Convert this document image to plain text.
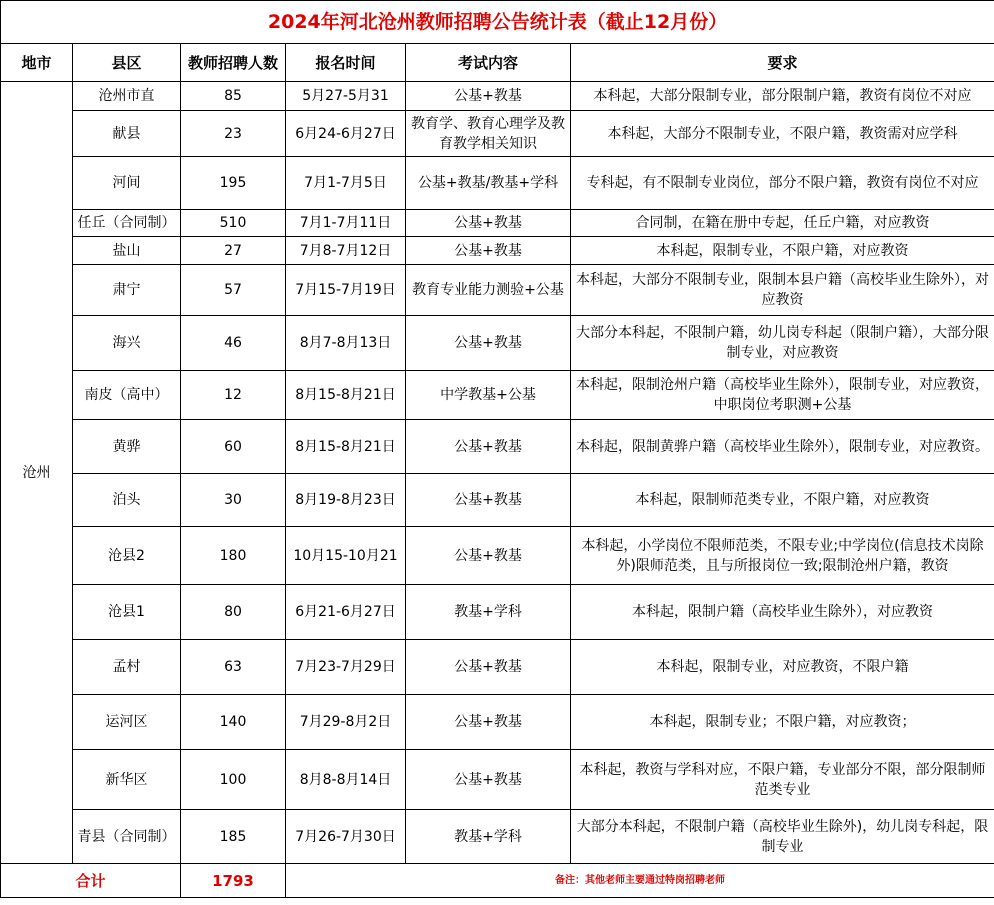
2024年河北沧州教师招聘公告统计表（截止12月份）					
地市	县区	教师招聘人数	报名时间	考试内容	要求
沧州	沧州市直	85	5月27-5月31	公基+教基	本科起，大部分限制专业，部分限制户籍，教资有岗位不对应
	献县	23	6月24-6月27日	教育学、教育心理学及教育教学相关知识	本科起，大部分不限制专业，不限户籍，教资需对应学科
	河间	195	7月1-7月5日	公基+教基/教基+学科	专科起，有不限制专业岗位，部分不限户籍，教资有岗位不对应
	任丘（合同制）	510	7月1-7月11日	公基+教基	合同制，在籍在册中专起，任丘户籍，对应教资
	盐山	27	7月8-7月12日	公基+教基	本科起，限制专业，不限户籍，对应教资
	肃宁	57	7月15-7月19日	教育专业能力测验+公基	本科起，大部分不限制专业，限制本县户籍（高校毕业生除外），对应教资
	海兴	46	8月7-8月13日	公基+教基	大部分本科起，不限制户籍，幼儿岗专科起（限制户籍），大部分限制专业，对应教资
	南皮（高中）	12	8月15-8月21日	中学教基+公基	本科起，限制沧州户籍（高校毕业生除外），限制专业，对应教资，中职岗位考职测+公基
	黄骅	60	8月15-8月21日	公基+教基	本科起，限制黄骅户籍（高校毕业生除外），限制专业，对应教资。
	泊头	30	8月19-8月23日	公基+教基	本科起，限制师范类专业，不限户籍，对应教资
	沧县2	180	10月15-10月21	公基+教基	本科起，小学岗位不限师范类，不限专业;中学岗位(信息技术岗除外)限师范类，且与所报岗位一致;限制沧州户籍，教资
	沧县1	80	6月21-6月27日	教基+学科	本科起，限制户籍（高校毕业生除外），对应教资
	孟村	63	7月23-7月29日	公基+教基	本科起，限制专业，对应教资，不限户籍
	运河区	140	7月29-8月2日	公基+教基	本科起，限制专业；不限户籍，对应教资；
	新华区	100	8月8-8月14日	公基+教基	本科起，教资与学科对应，不限户籍，专业部分不限，部分限制师范类专业
	青县（合同制）	185	7月26-7月30日	教基+学科	大部分本科起，不限制户籍（高校毕业生除外)，幼儿岗专科起，限制专业
合计		1793	备注：其他老师主要通过特岗招聘老师		
